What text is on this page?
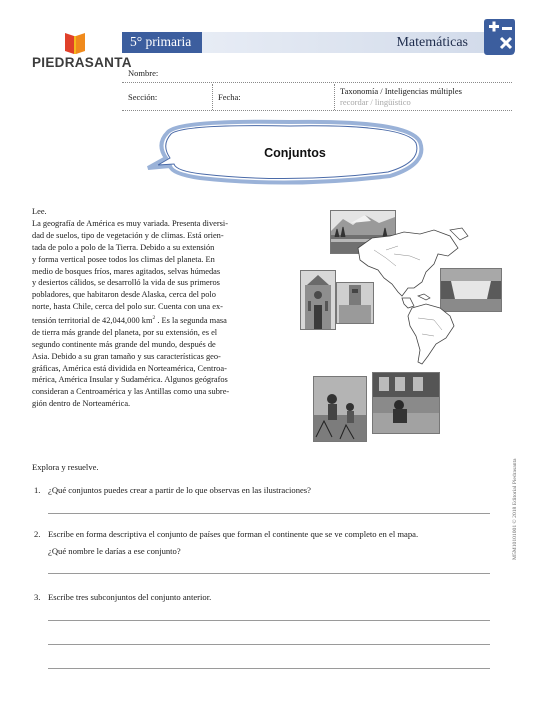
PIEDRASANTA
Matemáticas
5° primaria
Nombre:
Sección:	Fecha:
Taxonomía / Inteligencias múltiples
recordar / lingüístico
Conjuntos

Lee.

La geografía de América es muy variada. Presenta diversi-
dad de suelos, tipo de vegetación y de climas. Está orien-
tada de polo a polo de la Tierra. Debido a su extensión
y forma vertical posee todos los climas del planeta. En
medio de bosques fríos, mares agitados, selvas húmedas
y desiertos cálidos, se desarrolló la vida de sus primeros
pobladores, que habitaron desde Alaska, cerca del polo
norte, hasta Chile, cerca del polo sur. Cuenta con una ex-
tensión territorial de 42,044,000 $km^2$ . Es la segunda masa
de tierra más grande del planeta, por su extensión, es el
segundo continente más grande del mundo, después de
Asia. Debido a su gran tamaño y sus características geo-
gráficas, América está dividida en Norteamérica, Centroa-
mérica, América Insular y Sudamérica. Algunos geógrafos
consideran a Centroamérica y las Antillas como una subre-
gión dentro de Norteamérica.
Explora y resuelve.
1. ¿Qué conjuntos puedes crear a partir de lo que observas en las ilustraciones?
2. Escribe en forma descriptiva el conjunto de países que forman el continente que se ve completo en el mapa.
¿Qué nombre le darías a ese conjunto?
3. Escribe tres subconjuntos del conjunto anterior.
M5M10101001 © 2018 Editorial Piedrasanta
